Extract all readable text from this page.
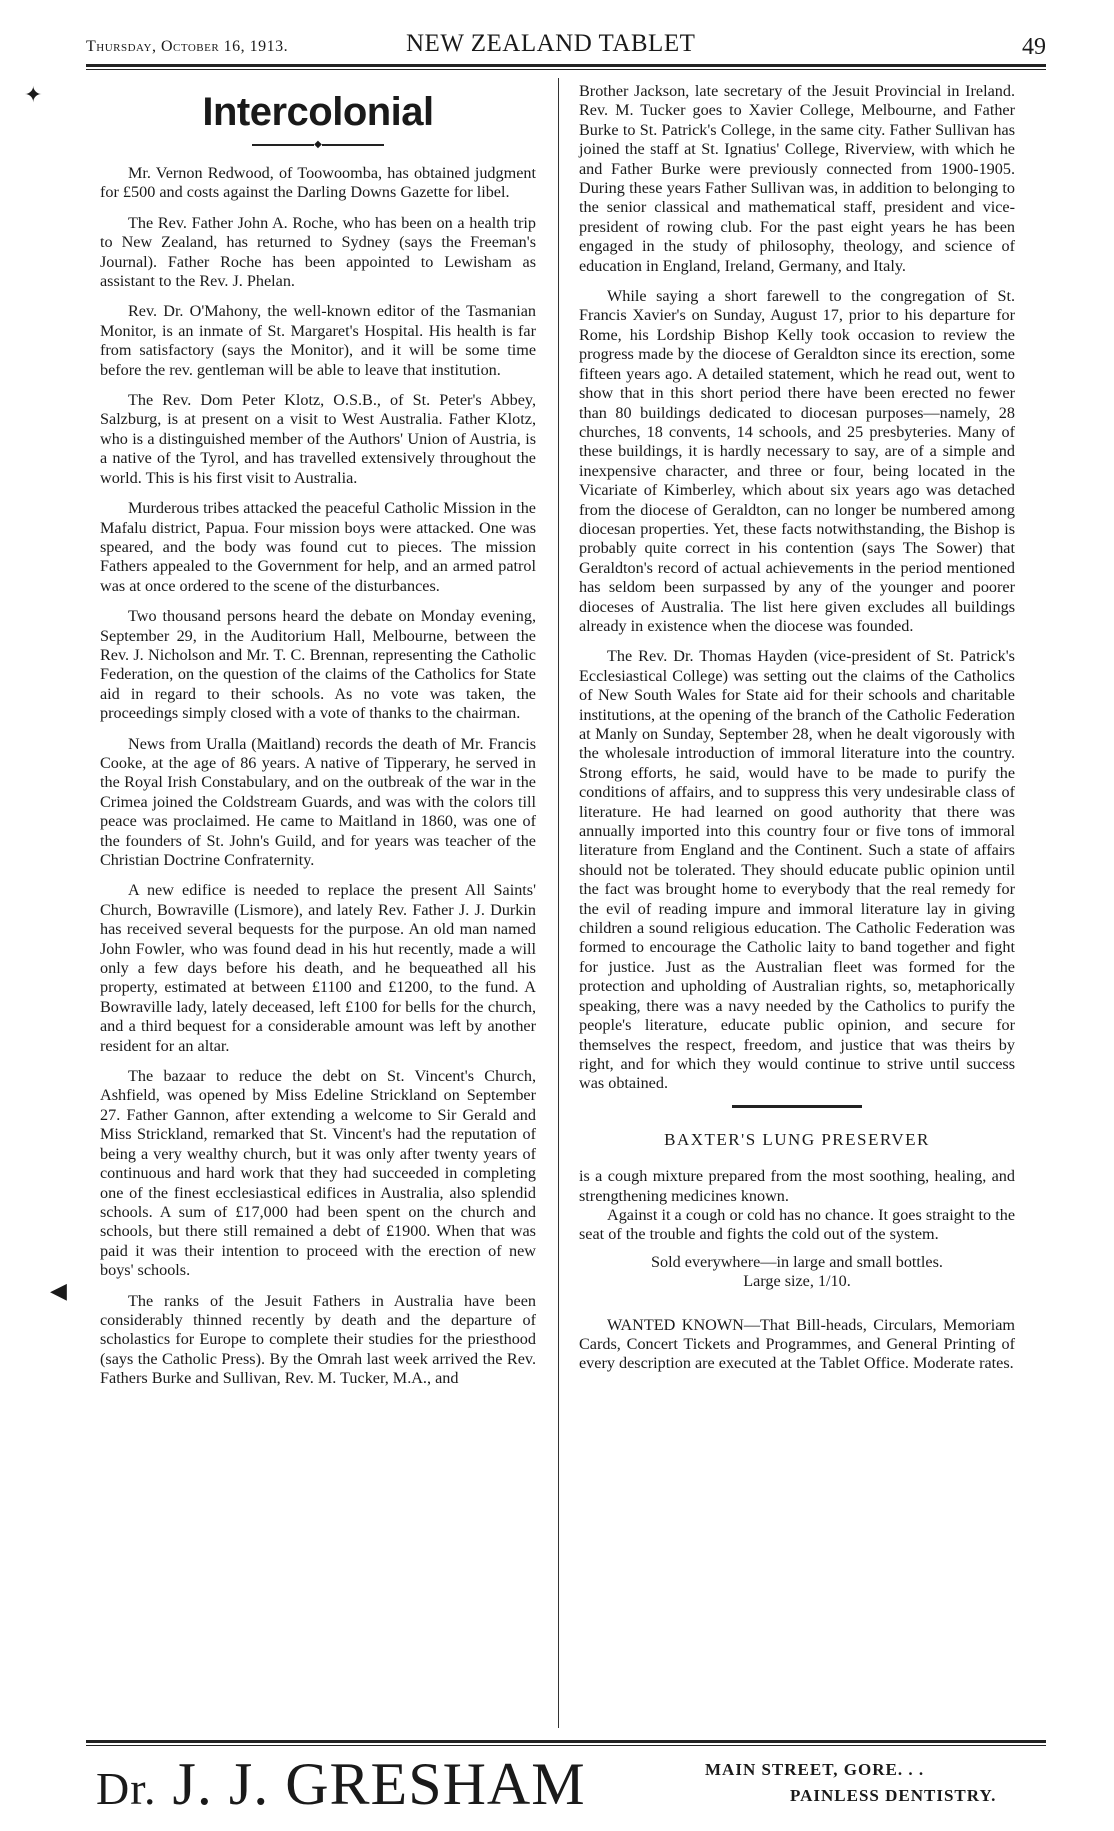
Thursday, October 16, 1913.	NEW ZEALAND TABLET	49
✦
◀
Intercolonial
◆

Mr. Vernon Redwood, of Toowoomba, has obtained judgment for £500 and costs against the Darling Downs Gazette for libel.

The Rev. Father John A. Roche, who has been on a health trip to New Zealand, has returned to Sydney (says the Freeman's Journal). Father Roche has been appointed to Lewisham as assistant to the Rev. J. Phelan.

Rev. Dr. O'Mahony, the well-known editor of the Tasmanian Monitor, is an inmate of St. Margaret's Hospital. His health is far from satisfactory (says the Monitor), and it will be some time before the rev. gentleman will be able to leave that institution.

The Rev. Dom Peter Klotz, O.S.B., of St. Peter's Abbey, Salzburg, is at present on a visit to West Australia. Father Klotz, who is a distinguished member of the Authors' Union of Austria, is a native of the Tyrol, and has travelled extensively throughout the world. This is his first visit to Australia.

Murderous tribes attacked the peaceful Catholic Mission in the Mafalu district, Papua. Four mission boys were attacked. One was speared, and the body was found cut to pieces. The mission Fathers appealed to the Government for help, and an armed patrol was at once ordered to the scene of the disturbances.

Two thousand persons heard the debate on Monday evening, September 29, in the Auditorium Hall, Melbourne, between the Rev. J. Nicholson and Mr. T. C. Brennan, representing the Catholic Federation, on the question of the claims of the Catholics for State aid in regard to their schools. As no vote was taken, the proceedings simply closed with a vote of thanks to the chairman.

News from Uralla (Maitland) records the death of Mr. Francis Cooke, at the age of 86 years. A native of Tipperary, he served in the Royal Irish Constabulary, and on the outbreak of the war in the Crimea joined the Coldstream Guards, and was with the colors till peace was proclaimed. He came to Maitland in 1860, was one of the founders of St. John's Guild, and for years was teacher of the Christian Doctrine Confraternity.

A new edifice is needed to replace the present All Saints' Church, Bowraville (Lismore), and lately Rev. Father J. J. Durkin has received several bequests for the purpose. An old man named John Fowler, who was found dead in his hut recently, made a will only a few days before his death, and he bequeathed all his property, estimated at between £1100 and £1200, to the fund. A Bowraville lady, lately deceased, left £100 for bells for the church, and a third bequest for a considerable amount was left by another resident for an altar.

The bazaar to reduce the debt on St. Vincent's Church, Ashfield, was opened by Miss Edeline Strickland on September 27. Father Gannon, after extending a welcome to Sir Gerald and Miss Strickland, remarked that St. Vincent's had the reputation of being a very wealthy church, but it was only after twenty years of continuous and hard work that they had succeeded in completing one of the finest ecclesiastical edifices in Australia, also splendid schools. A sum of £17,000 had been spent on the church and schools, but there still remained a debt of £1900. When that was paid it was their intention to proceed with the erection of new boys' schools.

The ranks of the Jesuit Fathers in Australia have been considerably thinned recently by death and the departure of scholastics for Europe to complete their studies for the priesthood (says the Catholic Press). By the Omrah last week arrived the Rev. Fathers Burke and Sullivan, Rev. M. Tucker, M.A., and

Brother Jackson, late secretary of the Jesuit Provincial in Ireland. Rev. M. Tucker goes to Xavier College, Melbourne, and Father Burke to St. Patrick's College, in the same city. Father Sullivan has joined the staff at St. Ignatius' College, Riverview, with which he and Father Burke were previously connected from 1900-1905. During these years Father Sullivan was, in addition to belonging to the senior classical and mathematical staff, president and vice-president of rowing club. For the past eight years he has been engaged in the study of philosophy, theology, and science of education in England, Ireland, Germany, and Italy.

While saying a short farewell to the congregation of St. Francis Xavier's on Sunday, August 17, prior to his departure for Rome, his Lordship Bishop Kelly took occasion to review the progress made by the diocese of Geraldton since its erection, some fifteen years ago. A detailed statement, which he read out, went to show that in this short period there have been erected no fewer than 80 buildings dedicated to diocesan purposes—namely, 28 churches, 18 convents, 14 schools, and 25 presbyteries. Many of these buildings, it is hardly necessary to say, are of a simple and inexpensive character, and three or four, being located in the Vicariate of Kimberley, which about six years ago was detached from the diocese of Geraldton, can no longer be numbered among diocesan properties. Yet, these facts notwithstanding, the Bishop is probably quite correct in his contention (says The Sower) that Geraldton's record of actual achievements in the period mentioned has seldom been surpassed by any of the younger and poorer dioceses of Australia. The list here given excludes all buildings already in existence when the diocese was founded.

The Rev. Dr. Thomas Hayden (vice-president of St. Patrick's Ecclesiastical College) was setting out the claims of the Catholics of New South Wales for State aid for their schools and charitable institutions, at the opening of the branch of the Catholic Federation at Manly on Sunday, September 28, when he dealt vigorously with the wholesale introduction of immoral literature into the country. Strong efforts, he said, would have to be made to purify the conditions of affairs, and to suppress this very undesirable class of literature. He had learned on good authority that there was annually imported into this country four or five tons of immoral literature from England and the Continent. Such a state of affairs should not be tolerated. They should educate public opinion until the fact was brought home to everybody that the real remedy for the evil of reading impure and immoral literature lay in giving children a sound religious education. The Catholic Federation was formed to encourage the Catholic laity to band together and fight for justice. Just as the Australian fleet was formed for the protection and upholding of Australian rights, so, metaphorically speaking, there was a navy needed by the Catholics to purify the people's literature, educate public opinion, and secure for themselves the respect, freedom, and justice that was theirs by right, and for which they would continue to strive until success was obtained.

BAXTER'S LUNG PRESERVER

is a cough mixture prepared from the most soothing, healing, and strengthening medicines known.

Against it a cough or cold has no chance. It goes straight to the seat of the trouble and fights the cold out of the system.

Sold everywhere—in large and small bottles.

Large size, 1/10.

WANTED KNOWN—That Bill-heads, Circulars, Memoriam Cards, Concert Tickets and Programmes, and General Printing of every description are executed at the Tablet Office. Moderate rates.

Dr. J. J. GRESHAM	MAIN STREET, GORE. . .
PAINLESS DENTISTRY.
